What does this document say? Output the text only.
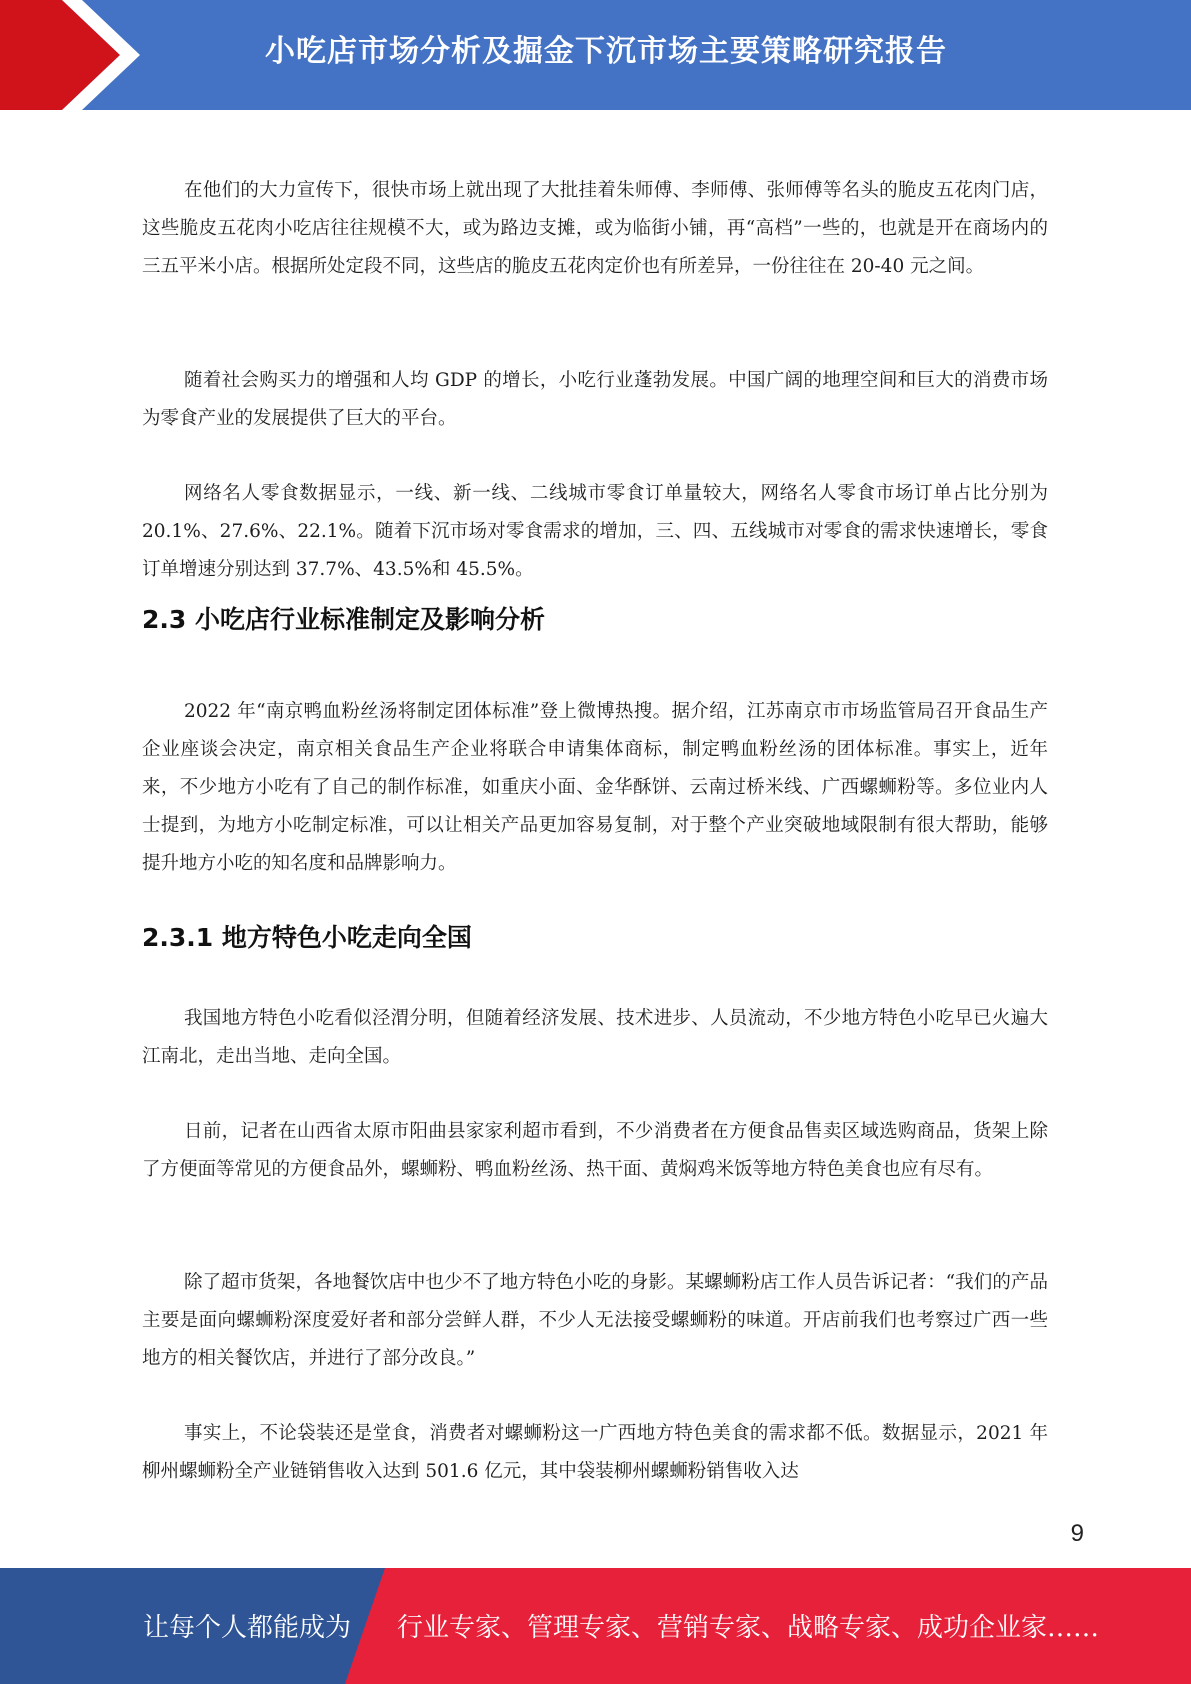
小吃店市场分析及掘金下沉市场主要策略研究报告

在他们的大力宣传下，很快市场上就出现了大批挂着朱师傅、李师傅、张师傅等名头的脆皮五花肉门店，这些脆皮五花肉小吃店往往规模不大，或为路边支摊，或为临街小铺，再“高档”一些的，也就是开在商场内的三五平米小店。根据所处定段不同，这些店的脆皮五花肉定价也有所差异，一份往往在 20-40 元之间。

随着社会购买力的增强和人均 GDP 的增长，小吃行业蓬勃发展。中国广阔的地理空间和巨大的消费市场为零食产业的发展提供了巨大的平台。

网络名人零食数据显示，一线、新一线、二线城市零食订单量较大，网络名人零食市场订单占比分别为 20.1%、27.6%、22.1%。随着下沉市场对零食需求的增加，三、四、五线城市对零食的需求快速增长，零食订单增速分别达到 37.7%、43.5%和 45.5%。

2.3 小吃店行业标准制定及影响分析

2022 年“南京鸭血粉丝汤将制定团体标准”登上微博热搜。据介绍，江苏南京市市场监管局召开食品生产企业座谈会决定，南京相关食品生产企业将联合申请集体商标，制定鸭血粉丝汤的团体标准。事实上，近年来，不少地方小吃有了自己的制作标准，如重庆小面、金华酥饼、云南过桥米线、广西螺蛳粉等。多位业内人士提到，为地方小吃制定标准，可以让相关产品更加容易复制，对于整个产业突破地域限制有很大帮助，能够提升地方小吃的知名度和品牌影响力。

2.3.1 地方特色小吃走向全国

我国地方特色小吃看似泾渭分明，但随着经济发展、技术进步、人员流动，不少地方特色小吃早已火遍大江南北，走出当地、走向全国。

日前，记者在山西省太原市阳曲县家家利超市看到，不少消费者在方便食品售卖区域选购商品，货架上除了方便面等常见的方便食品外，螺蛳粉、鸭血粉丝汤、热干面、黄焖鸡米饭等地方特色美食也应有尽有。

除了超市货架，各地餐饮店中也少不了地方特色小吃的身影。某螺蛳粉店工作人员告诉记者：“我们的产品主要是面向螺蛳粉深度爱好者和部分尝鲜人群，不少人无法接受螺蛳粉的味道。开店前我们也考察过广西一些地方的相关餐饮店，并进行了部分改良。”

事实上，不论袋装还是堂食，消费者对螺蛳粉这一广西地方特色美食的需求都不低。数据显示，2021 年柳州螺蛳粉全产业链销售收入达到 501.6 亿元，其中袋装柳州螺蛳粉销售收入达

9
让每个人都能成为 行业专家、管理专家、营销专家、战略专家、成功企业家……
